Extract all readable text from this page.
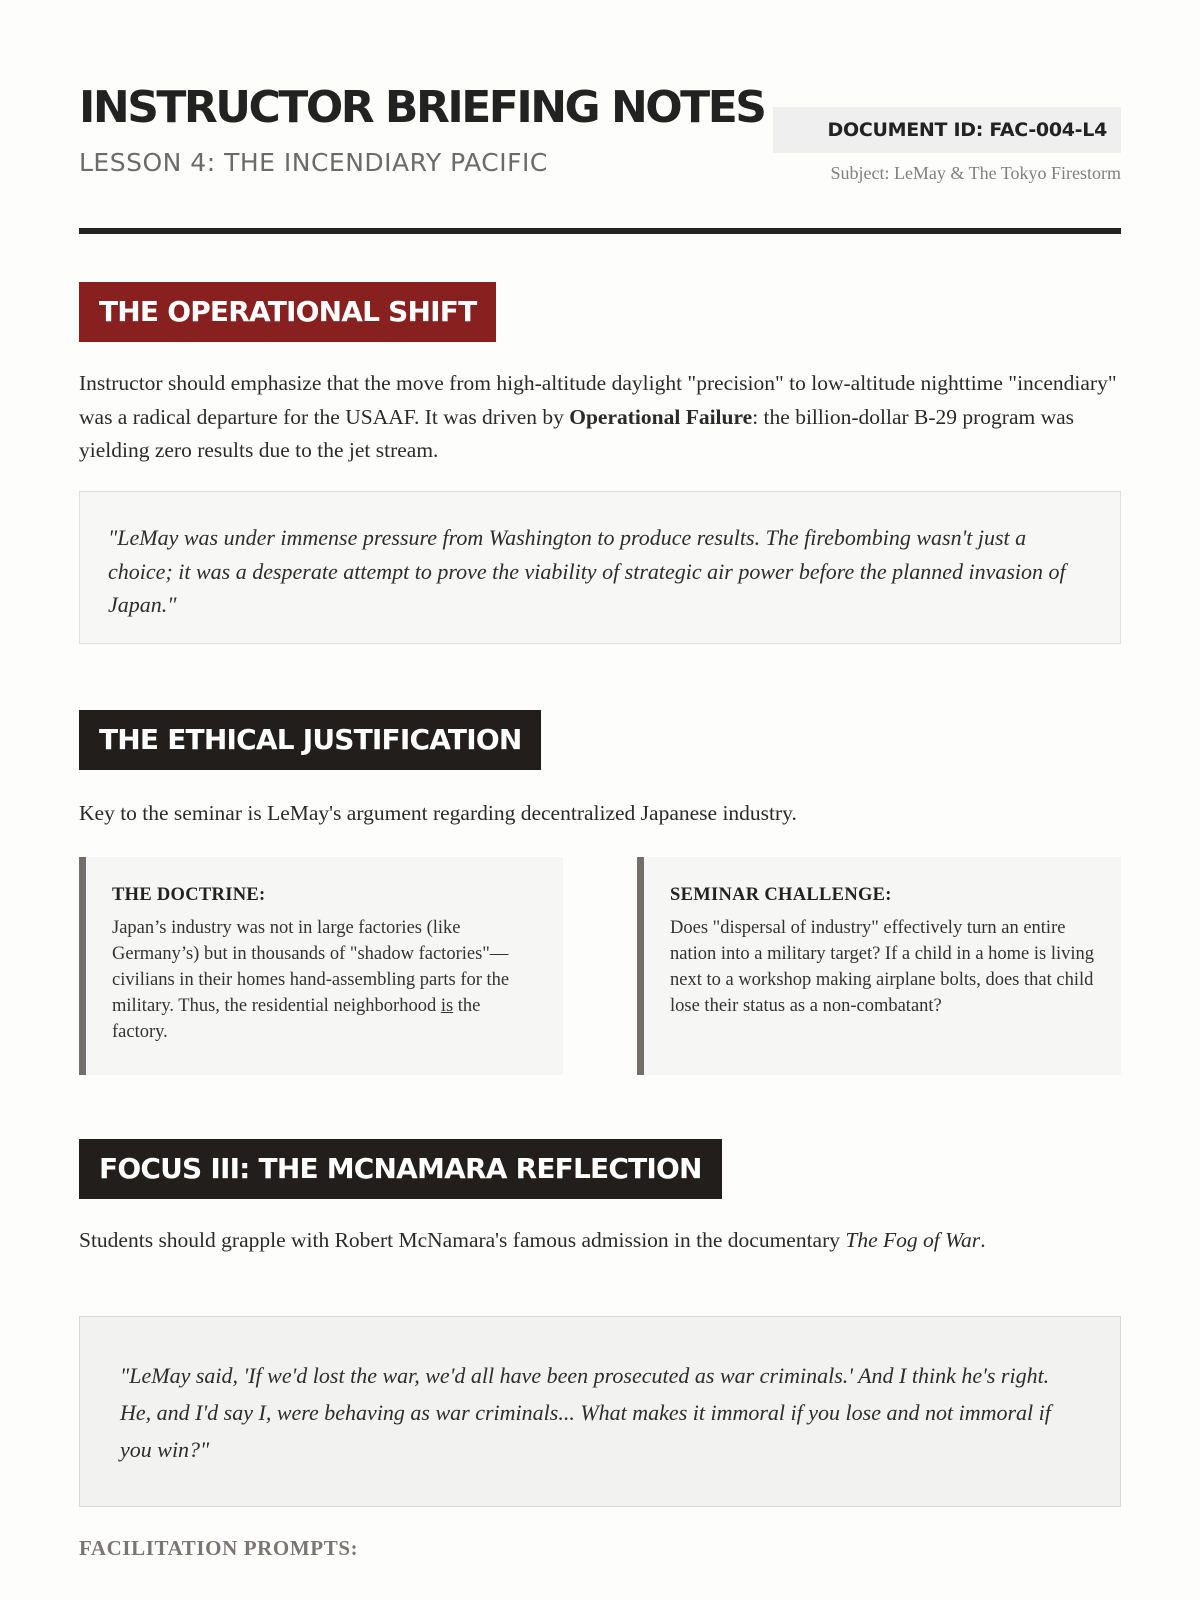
INSTRUCTOR BRIEFING NOTES
LESSON 4: THE INCENDIARY PACIFIC
DOCUMENT ID: FAC-004-L4
Subject: LeMay & The Tokyo Firestorm
THE OPERATIONAL SHIFT

Instructor should emphasize that the move from high-altitude daylight "precision" to low-altitude nighttime "incendiary" was a radical departure for the USAAF. It was driven by Operational Failure: the billion-dollar B-29 program was yielding zero results due to the jet stream.

"LeMay was under immense pressure from Washington to produce results. The firebombing wasn't just a choice; it was a desperate attempt to prove the viability of strategic air power before the planned invasion of Japan."
THE ETHICAL JUSTIFICATION

Key to the seminar is LeMay's argument regarding decentralized Japanese industry.

THE DOCTRINE:

Japan’s industry was not in large factories (like Germany’s) but in thousands of "shadow factories"—civilians in their homes hand-assembling parts for the military. Thus, the residential neighborhood is the factory.

SEMINAR CHALLENGE:

Does "dispersal of industry" effectively turn an entire nation into a military target? If a child in a home is living next to a workshop making airplane bolts, does that child lose their status as a non-combatant?

FOCUS III: THE MCNAMARA REFLECTION

Students should grapple with Robert McNamara's famous admission in the documentary The Fog of War.

"LeMay said, 'If we'd lost the war, we'd all have been prosecuted as war criminals.' And I think he's right. He, and I'd say I, were behaving as war criminals... What makes it immoral if you lose and not immoral if you win?"
FACILITATION PROMPTS:
